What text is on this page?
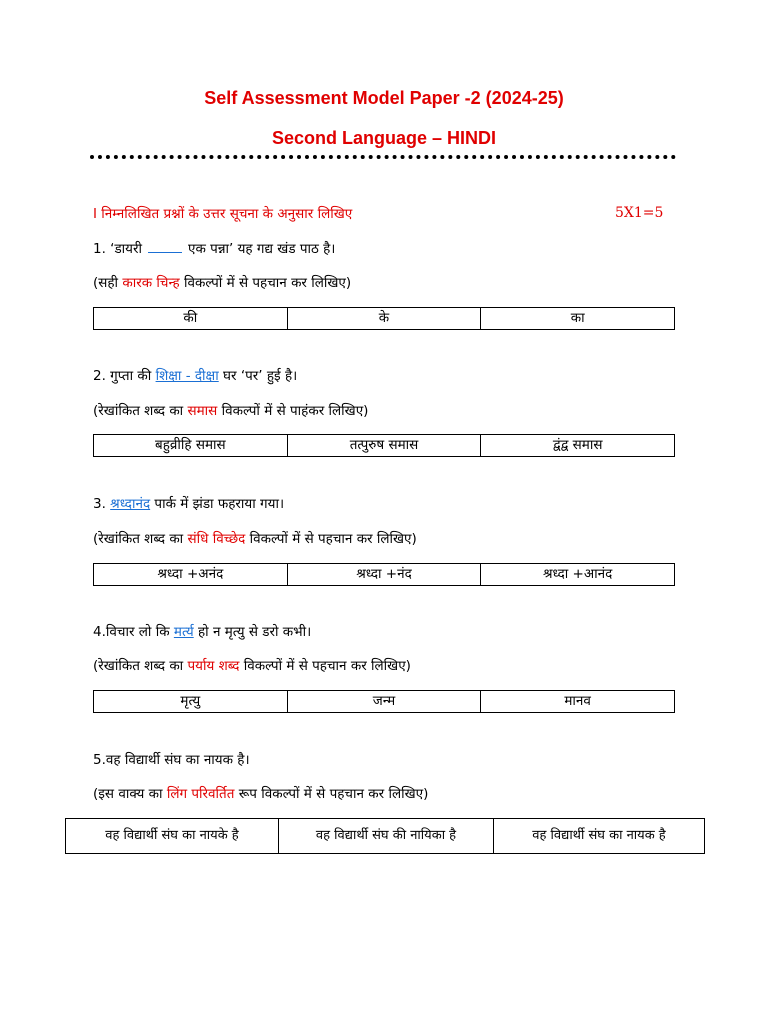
Self Assessment Model Paper -2 (2024-25)
Second Language – HINDI
I निम्नलिखित प्रश्नों के उत्तर सूचना के अनुसार लिखिए	5X1=5
1. ‘डायरी	एक पन्ना’ यह गद्य खंड पाठ है।
(सही कारक चिन्ह विकल्पों में से पहचान कर लिखिए)
की	के	का
2. गुप्ता की शिक्षा - दीक्षा घर ‘पर’ हुई है।
(रेखांकित शब्द का समास विकल्पों में से पाहंकर लिखिए)
बहुव्रीहि समास	तत्पुरुष समास	द्वंद्व समास
3. श्रध्दानंद पार्क में झंडा फहराया गया।
(रेखांकित शब्द का संधि विच्छेद विकल्पों में से पहचान कर लिखिए)
श्रध्दा +अनंद	श्रध्दा +नंद	श्रध्दा +आनंद
4.विचार लो कि मर्त्य हो न मृत्यु से डरो कभी।
(रेखांकित शब्द का पर्याय शब्द विकल्पों में से पहचान कर लिखिए)
मृत्यु	जन्म	मानव
5.वह विद्यार्थी संघ का नायक है।
(इस वाक्य का लिंग परिवर्तित रूप विकल्पों में से पहचान कर लिखिए)
वह विद्यार्थी संघ का नायके है	वह विद्यार्थी संघ की नायिका है	वह विद्यार्थी संघ का नायक है
